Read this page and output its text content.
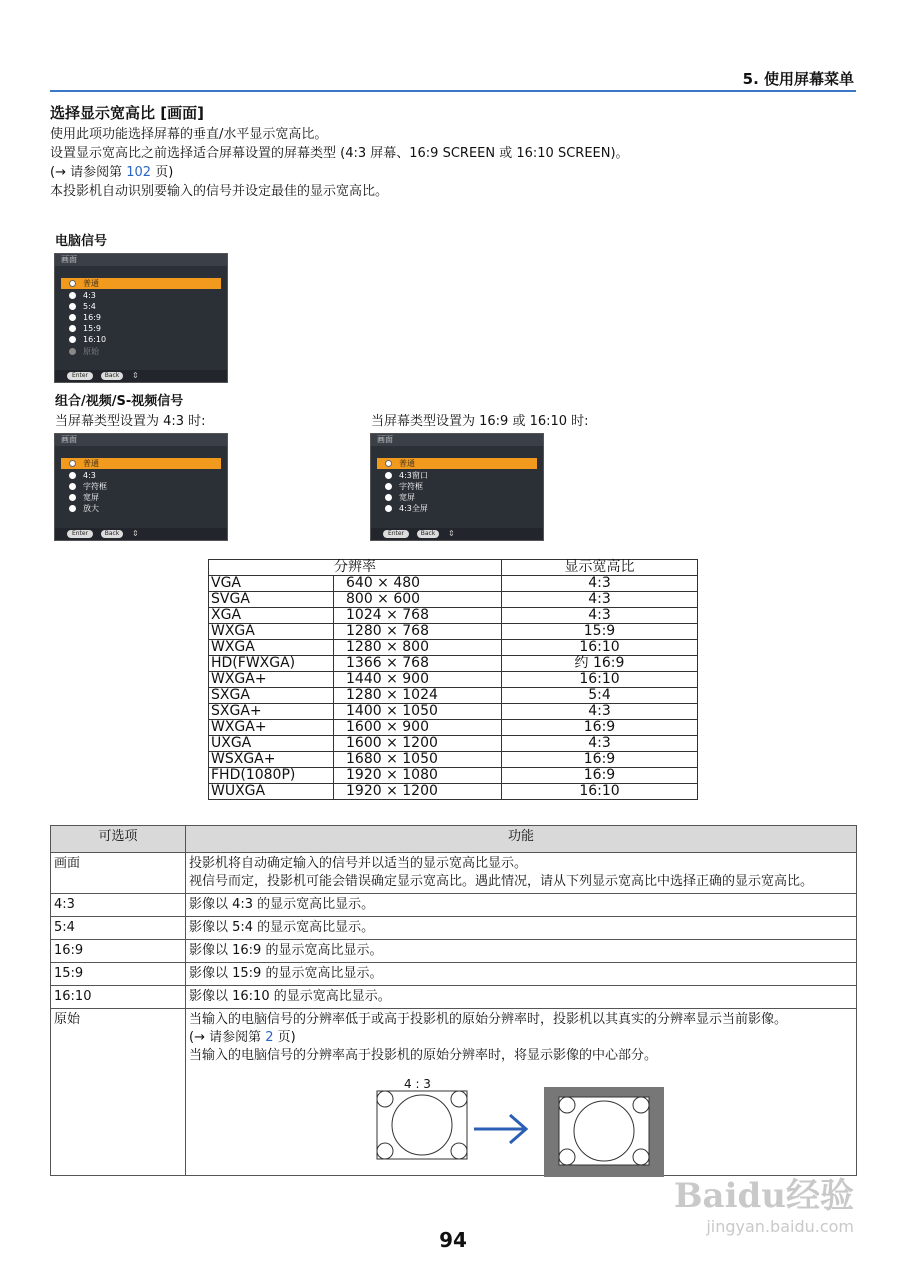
5. 使用屏幕菜单
选择显示宽高比 [画面]
使用此项功能选择屏幕的垂直/水平显示宽高比。
设置显示宽高比之前选择适合屏幕设置的屏幕类型 (4:3 屏幕、16:9 SCREEN 或 16:10 SCREEN)。
(→ 请参阅第 102 页)
本投影机自动识别要输入的信号并设定最佳的显示宽高比。
电脑信号
画面
普通
4:3
5:4
16:9
15:9
16:10
原始
Enter	Back	⇕
组合/视频/S-视频信号
当屏幕类型设置为 4:3 时:	当屏幕类型设置为 16:9 或 16:10 时:
画面
普通
4:3
字符框
宽屏
放大
Enter	Back	⇕
画面
普通
4:3窗口
字符框
宽屏
4:3全屏
Enter	Back	⇕
分辨率		显示宽高比
VGA	640 × 480	4:3
SVGA	800 × 600	4:3
XGA	1024 × 768	4:3
WXGA	1280 × 768	15:9
WXGA	1280 × 800	16:10
HD(FWXGA)	1366 × 768	约 16:9
WXGA+	1440 × 900	16:10
SXGA	1280 × 1024	5:4
SXGA+	1400 × 1050	4:3
WXGA+	1600 × 900	16:9
UXGA	1600 × 1200	4:3
WSXGA+	1680 × 1050	16:9
FHD(1080P)	1920 × 1080	16:9
WUXGA	1920 × 1200	16:10
可选项	功能
画面	投影机将自动确定输入的信号并以适当的显示宽高比显示。
视信号而定，投影机可能会错误确定显示宽高比。遇此情况，请从下列显示宽高比中选择正确的显示宽高比。

4:3	影像以 4:3 的显示宽高比显示。

5:4	影像以 5:4 的显示宽高比显示。

16:9	影像以 16:9 的显示宽高比显示。

15:9	影像以 15:9 的显示宽高比显示。

16:10	影像以 16:10 的显示宽高比显示。

原始	当输入的电脑信号的分辨率低于或高于投影机的原始分辨率时，投影机以其真实的分辨率显示当前影像。
(→ 请参阅第 2 页)
当输入的电脑信号的分辨率高于投影机的原始分辨率时，将显示影像的中心部分。
4 : 3
94
Baidu经验
jingyan.baidu.com
